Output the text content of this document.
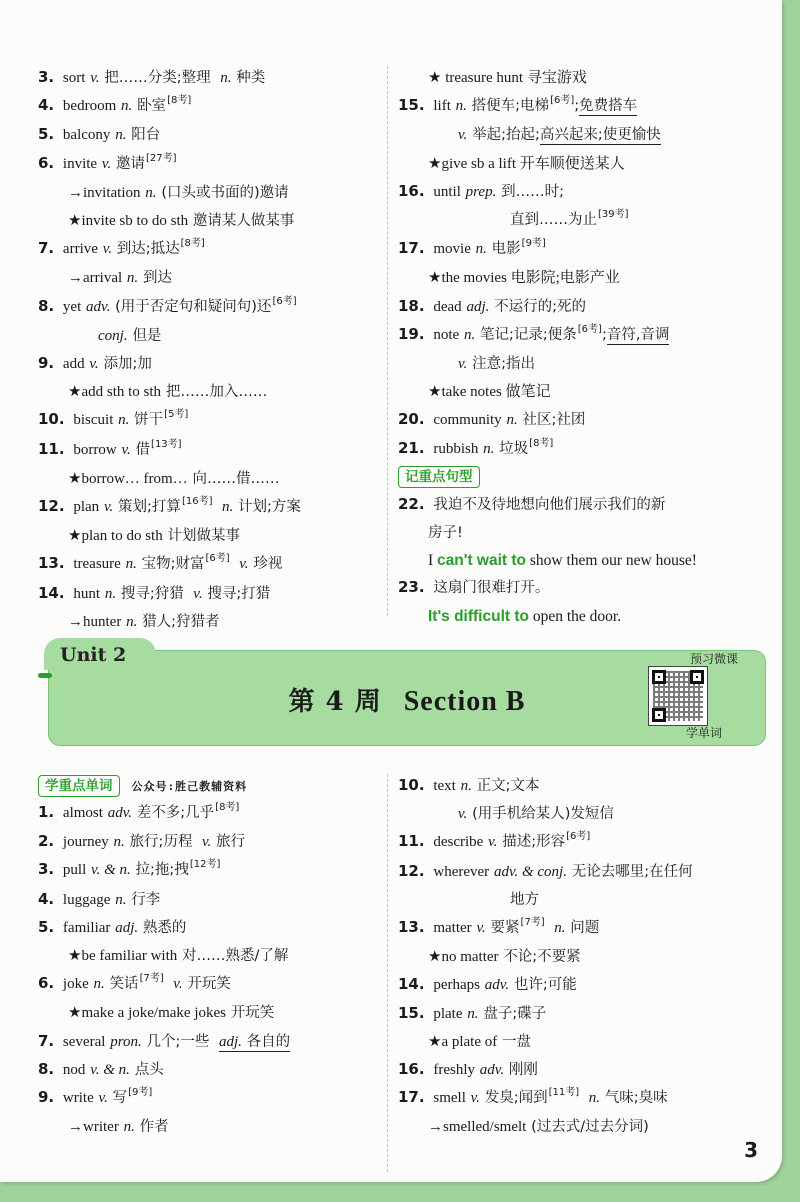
3. sort v. 把……分类;整理 n. 种类
4. bedroom n. 卧室[8考]
5. balcony n. 阳台
6. invite v. 邀请[27考]
→invitation n. (口头或书面的)邀请
★invite sb to do sth 邀请某人做某事
7. arrive v. 到达;抵达[8考]
→arrival n. 到达
8. yet adv. (用于否定句和疑问句)还[6考]
conj. 但是
9. add v. 添加;加
★add sth to sth 把……加入……
10. biscuit n. 饼干[5考]
11. borrow v. 借[13考]
★borrow… from… 向……借……
12. plan v. 策划;打算[16考] n. 计划;方案
★plan to do sth 计划做某事
13. treasure n. 宝物;财富[6考] v. 珍视
14. hunt n. 搜寻;狩猎 v. 搜寻;打猎
→hunter n. 猎人;狩猎者
★ treasure hunt 寻宝游戏
15. lift n. 搭便车;电梯[6考];免费搭车
v. 举起;抬起;高兴起来;使更愉快
★give sb a lift 开车顺便送某人
16. until prep. 到……时;
直到……为止[39考]
17. movie n. 电影[9考]
★the movies 电影院;电影产业
18. dead adj. 不运行的;死的
19. note n. 笔记;记录;便条[6考];音符,音调
v. 注意;指出
★take notes 做笔记
20. community n. 社区;社团
21. rubbish n. 垃圾[8考]
记重点句型
22. 我迫不及待地想向他们展示我们的新
房子!
I can't wait to show them our new house!
23. 这扇门很难打开。
It's difficult to open the door.
第 4 周 Section B
Unit 2	预习微课
学单词
学重点单词	公众号:胜己教辅资料
1. almost adv. 差不多;几乎[8考]
2. journey n. 旅行;历程 v. 旅行
3. pull v. & n. 拉;拖;拽[12考]
4. luggage n. 行李
5. familiar adj. 熟悉的
★be familiar with 对……熟悉/了解
6. joke n. 笑话[7考] v. 开玩笑
★make a joke/make jokes 开玩笑
7. several pron. 几个;一些 adj. 各自的
8. nod v. & n. 点头
9. write v. 写[9考]
→writer n. 作者
10. text n. 正文;文本
v. (用手机给某人)发短信
11. describe v. 描述;形容[6考]
12. wherever adv. & conj. 无论去哪里;在任何
地方
13. matter v. 要紧[7考] n. 问题
★no matter 不论;不要紧
14. perhaps adv. 也许;可能
15. plate n. 盘子;碟子
★a plate of 一盘
16. freshly adv. 刚刚
17. smell v. 发臭;闻到[11考] n. 气味;臭味
→smelled/smelt (过去式/过去分词)
3
